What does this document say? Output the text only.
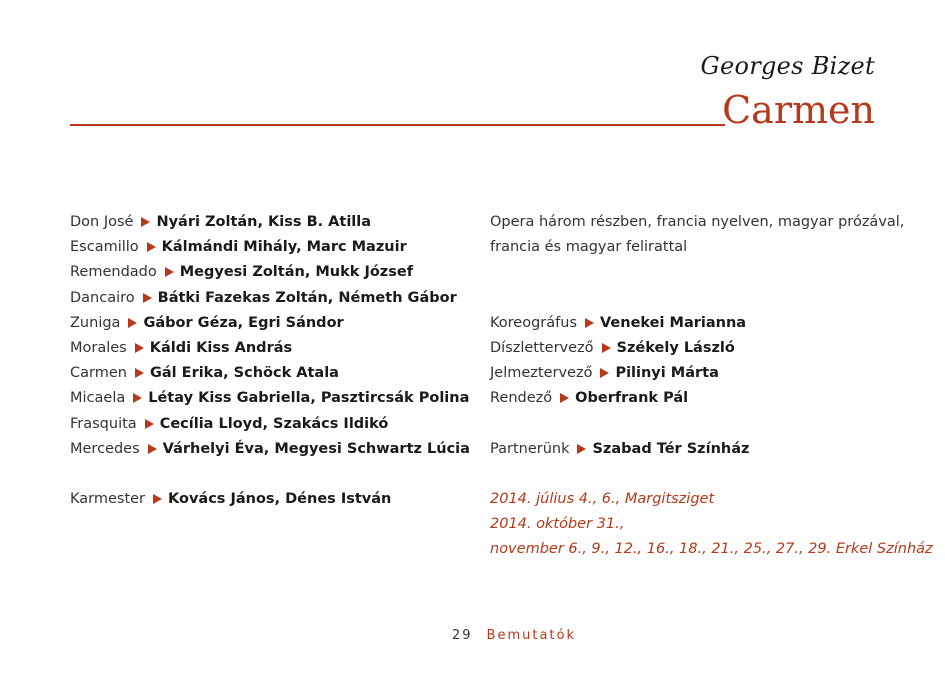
Georges Bizet
Carmen
Don José Nyári Zoltán, Kiss B. Atilla
Escamillo Kálmándi Mihály, Marc Mazuir
Remendado Megyesi Zoltán, Mukk József
Dancairo Bátki Fazekas Zoltán, Németh Gábor
Zuniga Gábor Géza, Egri Sándor
Morales Káldi Kiss András
Carmen Gál Erika, Schöck Atala
Micaela Létay Kiss Gabriella, Pasztircsák Polina
Frasquita Cecília Lloyd, Szakács Ildikó
Mercedes Várhelyi Éva, Megyesi Schwartz Lúcia
Karmester Kovács János, Dénes István
Opera három részben, francia nyelven, magyar prózával,
francia és magyar felirattal
Koreográfus Venekei Marianna
Díszlettervező Székely László
Jelmeztervező Pilinyi Márta
Rendező Oberfrank Pál
Partnerünk Szabad Tér Színház
2014. július 4., 6., Margitsziget
2014. október 31.,
november 6., 9., 12., 16., 18., 21., 25., 27., 29. Erkel Színház
29 Bemutatók
